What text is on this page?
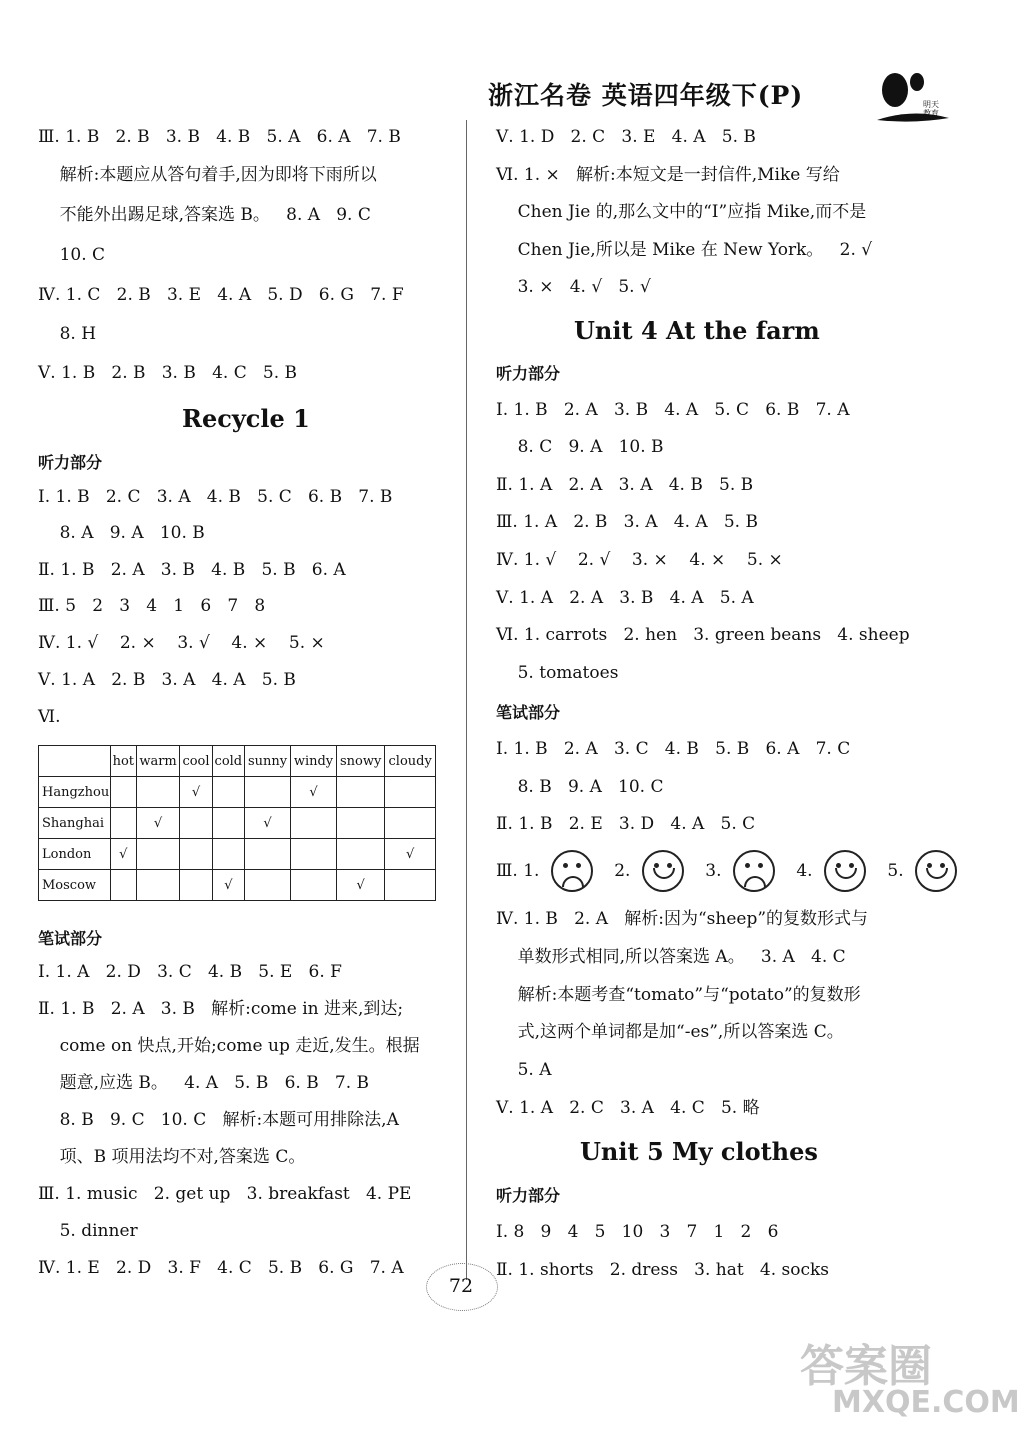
浙江名卷 英语四年级下(P)	明天教育
Ⅲ. 1. B   2. B   3. B   4. B   5. A   6. A   7. B
解析:本题应从答句着手,因为即将下雨所以
不能外出踢足球,答案选 B。   8. A   9. C
10. C
Ⅳ. 1. C   2. B   3. E   4. A   5. D   6. G   7. F
8. H
Ⅴ. 1. B   2. B   3. B   4. C   5. B
Recycle 1
听力部分
Ⅰ. 1. B   2. C   3. A   4. B   5. C   6. B   7. B
8. A   9. A   10. B
Ⅱ. 1. B   2. A   3. B   4. B   5. B   6. A
Ⅲ. 5   2   3   4   1   6   7   8
Ⅳ. 1. √    2. ×    3. √    4. ×    5. ×
Ⅴ. 1. A   2. B   3. A   4. A   5. B
Ⅵ.
	hot	warm	cool	cold	sunny	windy	snowy	cloudy
Hangzhou			√			√		
Shanghai		√			√			
London	√							√
Moscow				√			√	
笔试部分
Ⅰ. 1. A   2. D   3. C   4. B   5. E   6. F
Ⅱ. 1. B   2. A   3. B   解析:come in 进来,到达;
come on 快点,开始;come up 走近,发生。根据
题意,应选 B。   4. A   5. B   6. B   7. B
8. B   9. C   10. C   解析:本题可用排除法,A
项、B 项用法均不对,答案选 C。
Ⅲ. 1. music   2. get up   3. breakfast   4. PE
5. dinner
Ⅳ. 1. E   2. D   3. F   4. C   5. B   6. G   7. A
Ⅴ. 1. D   2. C   3. E   4. A   5. B
Ⅵ. 1. ×   解析:本短文是一封信件,Mike 写给
Chen Jie 的,那么文中的“I”应指 Mike,而不是
Chen Jie,所以是 Mike 在 New York。   2. √
3. ×   4. √   5. √
Unit 4 At the farm
听力部分
Ⅰ. 1. B   2. A   3. B   4. A   5. C   6. B   7. A
8. C   9. A   10. B
Ⅱ. 1. A   2. A   3. A   4. B   5. B
Ⅲ. 1. A   2. B   3. A   4. A   5. B
Ⅳ. 1. √    2. √    3. ×    4. ×    5. ×
Ⅴ. 1. A   2. A   3. B   4. A   5. A
Ⅵ. 1. carrots   2. hen   3. green beans   4. sheep
5. tomatoes
笔试部分
Ⅰ. 1. B   2. A   3. C   4. B   5. B   6. A   7. C
8. B   9. A   10. C
Ⅱ. 1. B   2. E   3. D   4. A   5. C
Ⅲ. 1.	2.	3.	4.	5.
Ⅳ. 1. B   2. A   解析:因为“sheep”的复数形式与
单数形式相同,所以答案选 A。   3. A   4. C
解析:本题考查“tomato”与“potato”的复数形
式,这两个单词都是加“-es”,所以答案选 C。
5. A
Ⅴ. 1. A   2. C   3. A   4. C   5. 略
Unit 5 My clothes
听力部分
Ⅰ. 8   9   4   5   10   3   7   1   2   6
Ⅱ. 1. shorts   2. dress   3. hat   4. socks
72
答案圈
MXQE.COM
